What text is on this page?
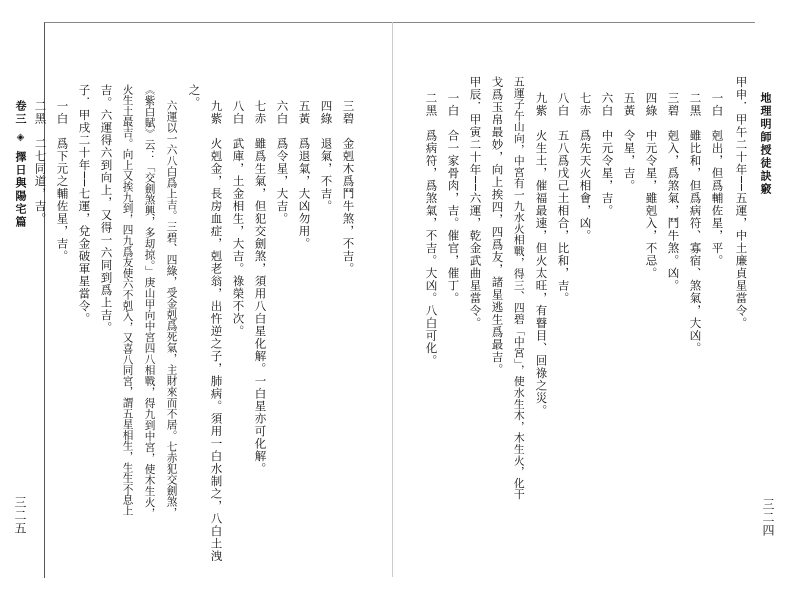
地理明師授徒訣竅
三二四
甲申．甲午二十年──五運，中土廉貞星當令。
一白　剋出，但爲輔佐星，平。
二黑　雖比和，但爲病符、寡宿、煞氣，大凶。
三碧　剋入，爲煞氣，鬥牛煞。凶。
四綠　中元令星，雖剋入，不忌。
五黃　令星，吉。
六白　中元令星，吉。
七赤　爲先天火相會，凶。
八白　五八爲戊己土相合，比和，吉。
九紫　火生土，催福最速，但火太旺，有瞽目、回祿之災。
五運子午山向，中宮有一九水火相戰，得三、四碧「中宮」，使水生木，木生火，化干
戈爲玉帛最妙，向上挨四，四爲友，諸星逃生爲最吉。
甲辰．甲寅二十年──六運，乾金武曲星當令。
一白　合一家骨肉，吉。催官，催丁。
二黑　爲病符，爲煞氣，不吉。大凶。八白可化。
三碧　金剋木爲鬥牛煞，不吉。
四綠　退氣，不吉。
五黃　爲退氣，大凶勿用。
六白　爲令星，大吉。
七赤　雖爲生氣，但犯交劍煞，須用八白星化解。一白星亦可化解。
八白　武庫，土金相生，大吉。祿榮不次。
九紫　火剋金，長房血症，剋老翁，出忤逆之子，肺病。須用一白水制之，八白土洩
之。
六運以一六八白爲上吉。三碧、四綠，受金剋爲死氣，主財來而不居。七赤犯交劍煞，
《紫白賦》云：「交劍煞興，多刧掠。」庚山甲向中宮四八相戰，得九到中宮，使木生火，
火生土最吉。向上又挨九到，四九爲友使六不剋入，又喜八同宮，謂五星相生，生生不息上
吉。六運得六到向上，又得一六同到爲上吉。
子．甲戌二十年──七運，兌金破軍星當令。
一白　爲下元之輔佐星，吉。
二黑　二七同道，吉。
卷三 ◈ 擇日與陽宅篇
三二五
